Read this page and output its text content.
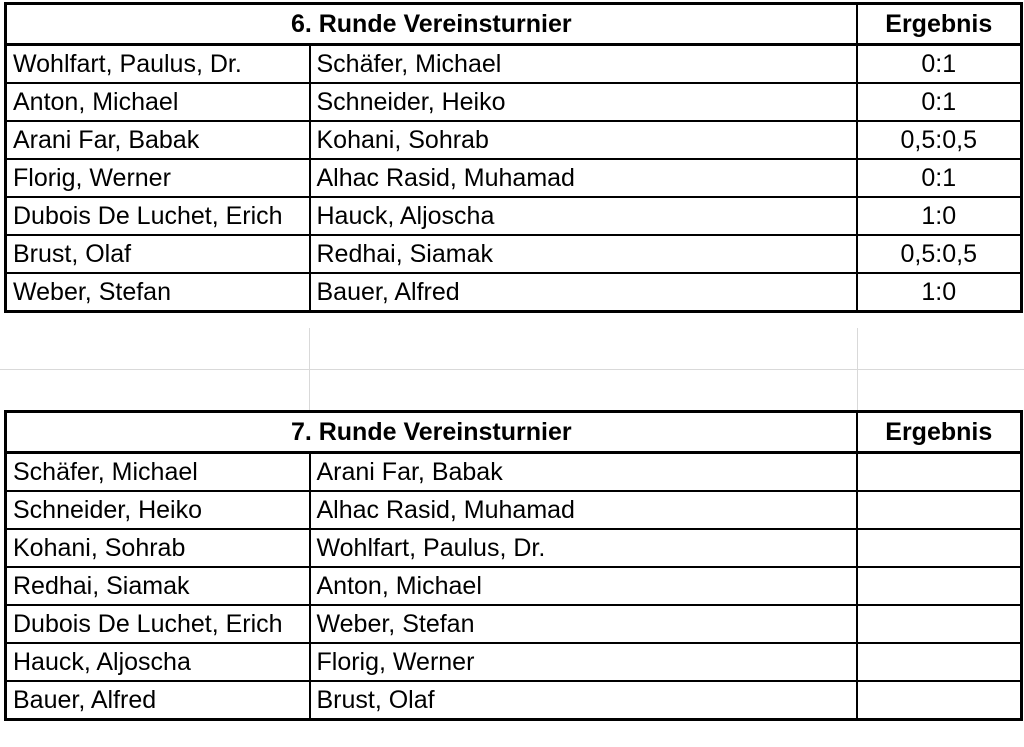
6. Runde Vereinsturnier		Ergebnis
Wohlfart, Paulus, Dr.	Schäfer, Michael	0:1
Anton, Michael	Schneider, Heiko	0:1
Arani Far, Babak	Kohani, Sohrab	0,5:0,5
Florig, Werner	Alhac Rasid, Muhamad	0:1
Dubois De Luchet, Erich	Hauck, Aljoscha	1:0
Brust, Olaf	Redhai, Siamak	0,5:0,5
Weber, Stefan	Bauer, Alfred	1:0
7. Runde Vereinsturnier		Ergebnis
Schäfer, Michael	Arani Far, Babak	
Schneider, Heiko	Alhac Rasid, Muhamad	
Kohani, Sohrab	Wohlfart, Paulus, Dr.	
Redhai, Siamak	Anton, Michael	
Dubois De Luchet, Erich	Weber, Stefan	
Hauck, Aljoscha	Florig, Werner	
Bauer, Alfred	Brust, Olaf	
